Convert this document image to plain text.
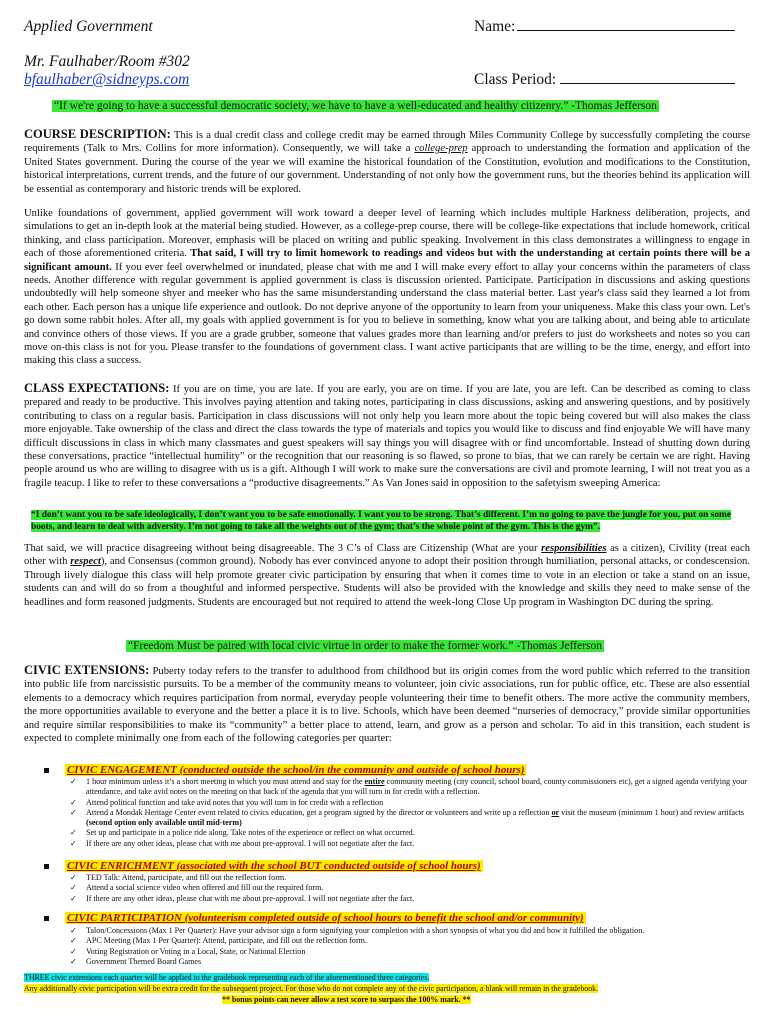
Applied Government	Name:
Mr. Faulhaber/Room #302
bfaulhaber@sidneyps.com	Class Period:
“If we're going to have a successful democratic society, we have to have a well-educated and healthy citizenry.” -Thomas Jefferson
COURSE DESCRIPTION: This is a dual credit class and college credit may be earned through Miles Community College by successfully completing the course requirements (Talk to Mrs. Collins for more information). Consequently, we will take a college-prep approach to understanding the formation and application of the United States government. During the course of the year we will examine the historical foundation of the Constitution, evolution and modifications to the Constitution, historical interpretations, current trends, and the future of our government. Understanding of not only how the government runs, but the theories behind its application will be essential as contemporary and historic trends will be explored.
Unlike foundations of government, applied government will work toward a deeper level of learning which includes multiple Harkness deliberation, projects, and simulations to get an in-depth look at the material being studied. However, as a college-prep course, there will be college-like expectations that include homework, critical thinking, and class participation. Moreover, emphasis will be placed on writing and public speaking. Involvement in this class demonstrates a willingness to engage in each of those aforementioned criteria. That said, I will try to limit homework to readings and videos but with the understanding at certain points there will be a significant amount. If you ever feel overwhelmed or inundated, please chat with me and I will make every effort to allay your concerns within the parameters of class needs. Another difference with regular government is applied government is class is discussion oriented. Participate. Participation in discussions and asking questions undoubtedly will help someone shyer and meeker who has the same misunderstanding understand the class material better. Last year's class said they learned a lot from each other. Each person has a unique life experience and outlook. Do not deprive anyone of the opportunity to learn from your uniqueness. Make this class your own. Let's go down some rabbit holes. After all, my goals with applied government is for you to believe in something, know what you are talking about, and being able to articulate and convince others of those views. If you are a grade grubber, someone that values grades more than learning and/or prefers to just do worksheets and notes so you can move on-this class is not for you. Please transfer to the foundations of government class. I want active participants that are willing to be the time, energy, and effort into making this class a success.
CLASS EXPECTATIONS: If you are on time, you are late. If you are early, you are on time. If you are late, you are left. Can be described as coming to class prepared and ready to be productive. This involves paying attention and taking notes, participating in class discussions, asking and answering questions, and by positively contributing to class on a regular basis. Participation in class discussions will not only help you learn more about the topic being covered but will also makes the class more enjoyable. Take ownership of the class and direct the class towards the type of materials and topics you would like to discuss and find enjoyable We will have many difficult discussions in class in which many classmates and guest speakers will say things you will disagree with or find uncomfortable. Instead of shutting down during these conversations, practice “intellectual humility” or the recognition that our reasoning is so flawed, so prone to bias, that we can rarely be certain we are right. Having people around us who are willing to disagree with us is a gift. Although I will work to make sure the conversations are civil and promote learning, I will not treat you as a fragile teacup. I like to refer to these conversations a “productive disagreements.” As Van Jones said in opposition to the safetyism sweeping America:
“I don’t want you to be safe ideologically, I don’t want you to be safe emotionally. I want you to be strong. That’s different. I’m no going to pave the jungle for you, put on some boots, and learn to deal with adversity. I’m not going to take all the weights out of the gym; that’s the whole point of the gym. This is the gym”.
That said, we will practice disagreeing without being disagreeable. The 3 C’s of Class are Citizenship (What are your responsibilities as a citizen), Civility (treat each other with respect), and Consensus (common ground). Nobody has ever convinced anyone to adopt their position through humiliation, personal attacks, or condescension. Through lively dialogue this class will help promote greater civic participation by ensuring that when it comes time to vote in an election or take a stand on an issue, students can and will do so from a thoughtful and informed perspective. Students will also be provided with the knowledge and skills they need to make sense of the headlines and form reasoned judgments. Students are encouraged but not required to attend the week-long Close Up program in Washington DC during the spring.
“Freedom Must be paired with local civic virtue in order to make the former work.” -Thomas Jefferson
CIVIC EXTENSIONS: Puberty today refers to the transfer to adulthood from childhood but its origin comes from the word public which referred to the transition into public life from narcissistic pursuits. To be a member of the community means to volunteer, join civic associations, run for public office, etc. These are also essential elements to a democracy which requires participation from normal, everyday people volunteering their time to benefit others. The more active the community members, the more opportunities available to everyone and the better a place it is to live. Schools, which have been deemed “nurseries of democracy,” provide similar opportunities and require similar responsibilities to make its “community” a better place to attend, learn, and grow as a person and scholar. To aid in this transition, each student is expected to complete minimally one from each of the following categories per quarter:
CIVIC ENGAGEMENT (conducted outside the school/in the community and outside of school hours)
✓ 1 hour minimum unless it’s a short meeting in which you must attend and stay for the entire community meeting (city council, school board, county commissioners etc), get a signed agenda verifying your attendance, and take avid notes on the meeting on that back of the agenda that you will turn in for credit with a reflection.
✓ Attend political function and take avid notes that you will turn in for credit with a reflection
✓ Attend a Mondak Heritage Center event related to civics education, get a program signed by the director or volunteers and write up a reflection or visit the museum (minimum 1 hour) and review artifacts (second option only available until mid-term)
✓ Set up and participate in a police ride along. Take notes of the experience or reflect on what occurred.
✓ If there are any other ideas, please chat with me about pre-approval. I will not negotiate after the fact.
CIVIC ENRICHMENT (associated with the school BUT conducted outside of school hours)
✓ TED Talk: Attend, participate, and fill out the reflection form.
✓ Attend a social science video when offered and fill out the required form.
✓ If there are any other ideas, please chat with me about pre-approval. I will not negotiate after the fact.
CIVIC PARTICIPATION (volunteerism completed outside of school hours to benefit the school and/or community)
✓ Talon/Concessions (Max 1 Per Quarter): Have your advisor sign a form signifying your completion with a short synopsis of what you did and how it fulfilled the obligation.
✓ APC Meeting (Max 1 Per Quarter): Attend, participate, and fill out the reflection form.
✓ Voting Registration or Voting in a Local, State, or National Election
✓ Government Themed Board Games
THREE civic extensions each quarter will be applied to the gradebook representing each of the aforementioned three categories.
Any additionally civic participation will be extra credit for the subsequent project. For those who do not complete any of the civic participation, a blank will remain in the gradebook.
** bonus points can never allow a test score to surpass the 100% mark. **
